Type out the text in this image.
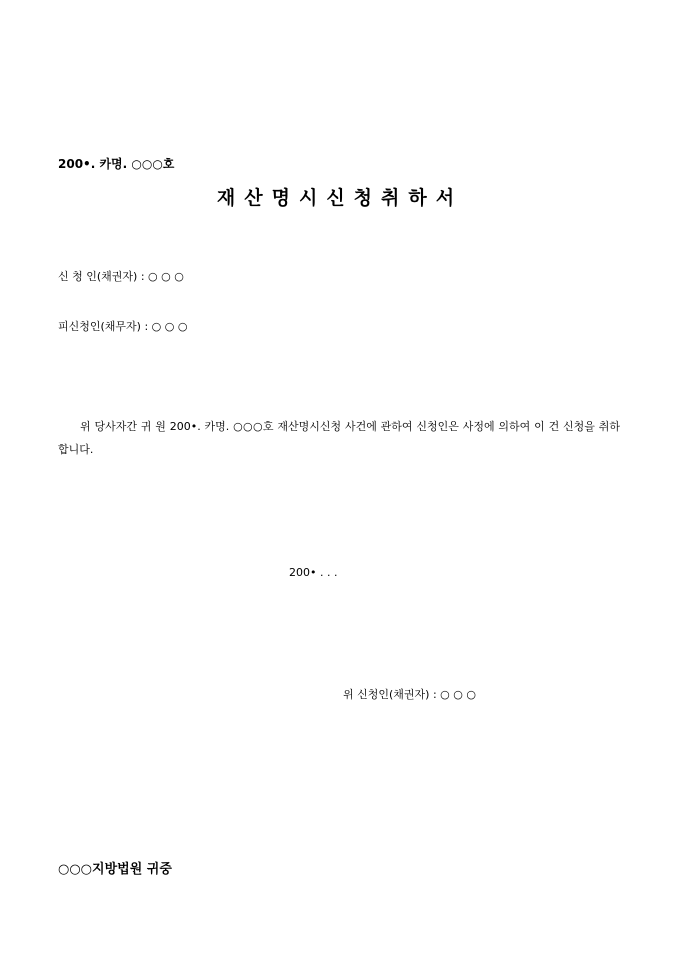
200•. 카명. ○○○호
재산명시신청취하서
신 청 인(채권자) : ○ ○ ○
피신청인(채무자) : ○ ○ ○
위 당사자간 귀 원 200•. 카명. ○○○호 재산명시신청 사건에 관하여 신청인은 사정에 의하여 이 건 신청을 취하합니다.
200• . . .
위 신청인(채권자) : ○ ○ ○
○○○지방법원 귀중
